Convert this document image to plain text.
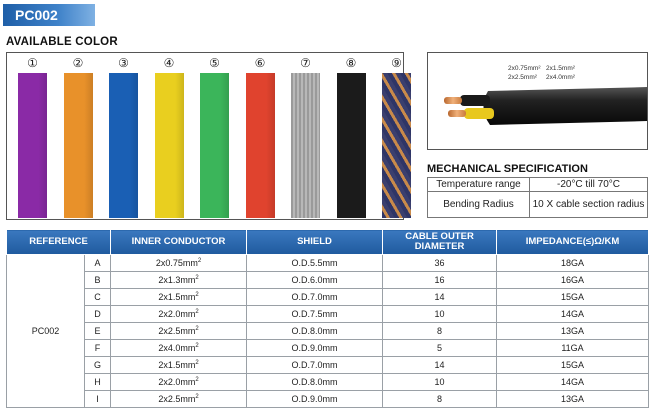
PC002
AVAILABLE COLOR
①	②	③	④	⑤	⑥	⑦	⑧	⑨	2x0.75mm² 2x1.5mm²
2x2.5mm² 2x4.0mm²
MECHANICAL SPECIFICATION
Temperature range	-20°C till 70°C
Bending Radius	10 X cable section radius
REFERENCE		INNER CONDUCTOR	SHIELD	CABLE OUTER DIAMETER	IMPEDANCE(≤)Ω/KM
PC002	A	$2x0.75mm^2$	O.D.5.5mm	36	18GA
	B	$2x1.3mm^2$	O.D.6.0mm	16	16GA
	C	$2x1.5mm^2$	O.D.7.0mm	14	15GA
	D	$2x2.0mm^2$	O.D.7.5mm	10	14GA
	E	$2x2.5mm^2$	O.D.8.0mm	8	13GA
	F	$2x4.0mm^2$	O.D.9.0mm	5	11GA
	G	$2x1.5mm^2$	O.D.7.0mm	14	15GA
	H	$2x2.0mm^2$	O.D.8.0mm	10	14GA
	I	$2x2.5mm^2$	O.D.9.0mm	8	13GA
